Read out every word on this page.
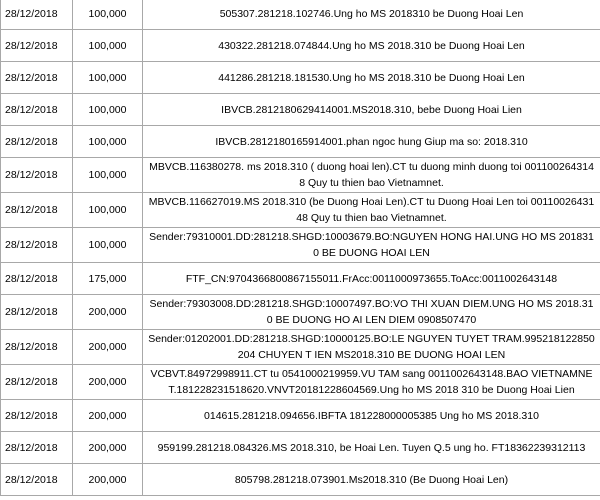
28/12/2018	100,000	505307.281218.102746.Ung ho MS 2018310 be Duong Hoai Len
28/12/2018	100,000	430322.281218.074844.Ung ho MS 2018.310 be Duong Hoai Len
28/12/2018	100,000	441286.281218.181530.Ung ho MS 2018.310 be Duong Hoai Len
28/12/2018	100,000	IBVCB.2812180629414001.MS2018.310, bebe Duong Hoai Lien
28/12/2018	100,000	IBVCB.2812180165914001.phan ngoc hung Giup ma so: 2018.310
28/12/2018	100,000	MBVCB.116380278. ms 2018.310 ( duong hoai len).CT tu duong minh duong toi 0011002643148 Quy tu thien bao Vietnamnet.
28/12/2018	100,000	MBVCB.116627019.MS 2018.310 (be Duong Hoai Len).CT tu Duong Hoai Len toi 0011002643148 Quy tu thien bao Vietnamnet.
28/12/2018	100,000	Sender:79310001.DD:281218.SHGD:10003679.BO:NGUYEN HONG HAI.UNG HO MS 2018310 BE DUONG HOAI LEN
28/12/2018	175,000	FTF_CN:9704366800867155011.FrAcc:0011000973655.ToAcc:0011002643148
28/12/2018	200,000	Sender:79303008.DD:281218.SHGD:10007497.BO:VO THI XUAN DIEM.UNG HO MS 2018.310 BE DUONG HO AI LEN DIEM 0908507470
28/12/2018	200,000	Sender:01202001.DD:281218.SHGD:10000125.BO:LE NGUYEN TUYET TRAM.995218122850204 CHUYEN T IEN MS2018.310 BE DUONG HOAI LEN
28/12/2018	200,000	VCBVT.84972998911.CT tu 0541000219959.VU TAM sang 0011002643148.BAO VIETNAMNET.181228231518620.VNVT20181228604569.Ung ho MS 2018 310 be Duong Hoai Lien
28/12/2018	200,000	014615.281218.094656.IBFTA 181228000005385 Ung ho MS 2018.310
28/12/2018	200,000	959199.281218.084326.MS 2018.310, be Hoai Len. Tuyen Q.5 ung ho. FT18362239312113
28/12/2018	200,000	805798.281218.073901.Ms2018.310 (Be Duong Hoai Len)
